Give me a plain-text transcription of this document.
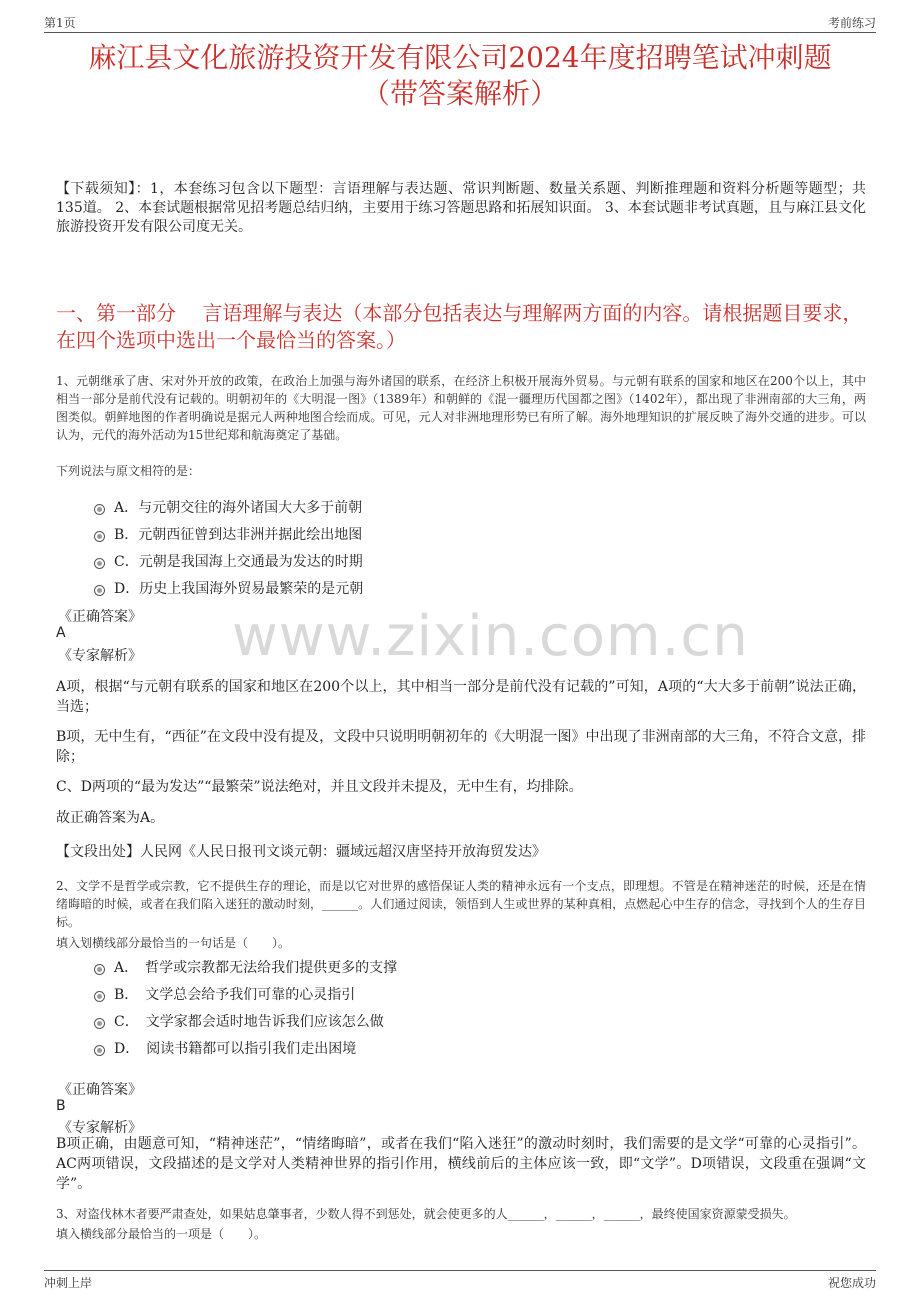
第1页	考前练习
麻江县文化旅游投资开发有限公司2024年度招聘笔试冲刺题
（带答案解析）
【下载须知】：1，本套练习包含以下题型：言语理解与表达题、常识判断题、数量关系题、判断推理题和资料分析题等题型；共135道。 2、本套试题根据常见招考题总结归纳，主要用于练习答题思路和拓展知识面。 3、本套试题非考试真题，且与麻江县文化旅游投资开发有限公司度无关。
一、第一部分　 言语理解与表达（本部分包括表达与理解两方面的内容。请根据题目要求，在四个选项中选出一个最恰当的答案。）
www.zixin.com.cn
1、元朝继承了唐、宋对外开放的政策，在政治上加强与海外诸国的联系，在经济上积极开展海外贸易。与元朝有联系的国家和地区在200个以上，其中相当一部分是前代没有记载的。明朝初年的《大明混一图》（1389年）和朝鲜的《混一疆理历代国都之图》（1402年），都出现了非洲南部的大三角，两图类似。朝鲜地图的作者明确说是据元人两种地图合绘而成。可见，元人对非洲地理形势已有所了解。海外地理知识的扩展反映了海外交通的进步。可以认为，元代的海外活动为15世纪郑和航海奠定了基础。
下列说法与原文相符的是：
A．与元朝交往的海外诸国大大多于前朝
B．元朝西征曾到达非洲并据此绘出地图
C．元朝是我国海上交通最为发达的时期
D．历史上我国海外贸易最繁荣的是元朝
《正确答案》
A
《专家解析》
A项，根据“与元朝有联系的国家和地区在200个以上，其中相当一部分是前代没有记载的”可知，A项的“大大多于前朝”说法正确，当选；
B项，无中生有，“西征”在文段中没有提及，文段中只说明明朝初年的《大明混一图》中出现了非洲南部的大三角，不符合文意，排除；
C、D两项的“最为发达”“最繁荣”说法绝对，并且文段并未提及，无中生有，均排除。
故正确答案为A。
【文段出处】人民网《人民日报刊文谈元朝：疆域远超汉唐坚持开放海贸发达》
2、文学不是哲学或宗教，它不提供生存的理论，而是以它对世界的感悟保证人类的精神永远有一个支点，即理想。不管是在精神迷茫的时候，还是在情绪晦暗的时候，或者在我们陷入迷狂的激动时刻，______。人们通过阅读，领悟到人生或世界的某种真相，点燃起心中生存的信念，寻找到个人的生存目标。
填入划横线部分最恰当的一句话是（　　）。
A．　哲学或宗教都无法给我们提供更多的支撑
B．　文学总会给予我们可靠的心灵指引
C．　文学家都会适时地告诉我们应该怎么做
D．　阅读书籍都可以指引我们走出困境
《正确答案》
B
《专家解析》
B项正确，由题意可知，“精神迷茫”，“情绪晦暗”，或者在我们“陷入迷狂”的激动时刻时，我们需要的是文学“可靠的心灵指引”。AC两项错误，文段描述的是文学对人类精神世界的指引作用，横线前后的主体应该一致，即“文学”。D项错误，文段重在强调“文学”。
3、对盗伐林木者要严肃查处，如果姑息肇事者，少数人得不到惩处，就会使更多的人______，______，______，最终使国家资源蒙受损失。
填入横线部分最恰当的一项是（　　）。
冲刺上岸	祝您成功
